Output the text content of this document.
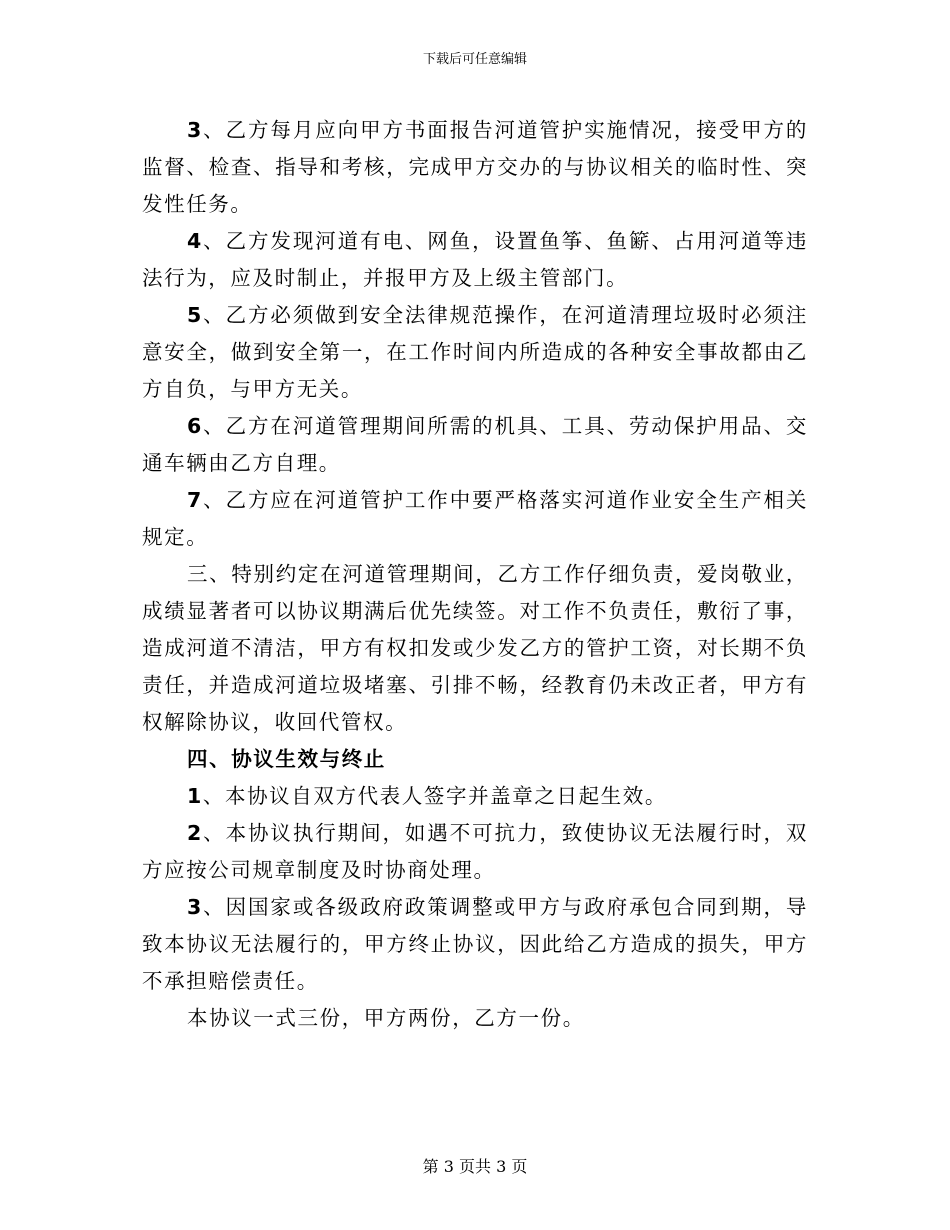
下载后可任意编辑

3、乙方每月应向甲方书面报告河道管护实施情况，接受甲方的监督、检查、指导和考核，完成甲方交办的与协议相关的临时性、突发性任务。

4、乙方发现河道有电、网鱼，设置鱼筝、鱼簖、占用河道等违法行为，应及时制止，并报甲方及上级主管部门。

5、乙方必须做到安全法律规范操作，在河道清理垃圾时必须注意安全，做到安全第一，在工作时间内所造成的各种安全事故都由乙方自负，与甲方无关。

6、乙方在河道管理期间所需的机具、工具、劳动保护用品、交通车辆由乙方自理。

7、乙方应在河道管护工作中要严格落实河道作业安全生产相关规定。

三、特别约定在河道管理期间，乙方工作仔细负责，爱岗敬业，成绩显著者可以协议期满后优先续签。对工作不负责任，敷衍了事，造成河道不清洁，甲方有权扣发或少发乙方的管护工资，对长期不负责任，并造成河道垃圾堵塞、引排不畅，经教育仍未改正者，甲方有权解除协议，收回代管权。

四、协议生效与终止

1、本协议自双方代表人签字并盖章之日起生效。

2、本协议执行期间，如遇不可抗力，致使协议无法履行时，双方应按公司规章制度及时协商处理。

3、因国家或各级政府政策调整或甲方与政府承包合同到期，导致本协议无法履行的，甲方终止协议，因此给乙方造成的损失，甲方不承担赔偿责任。

本协议一式三份，甲方两份，乙方一份。

第 3 页共 3 页
